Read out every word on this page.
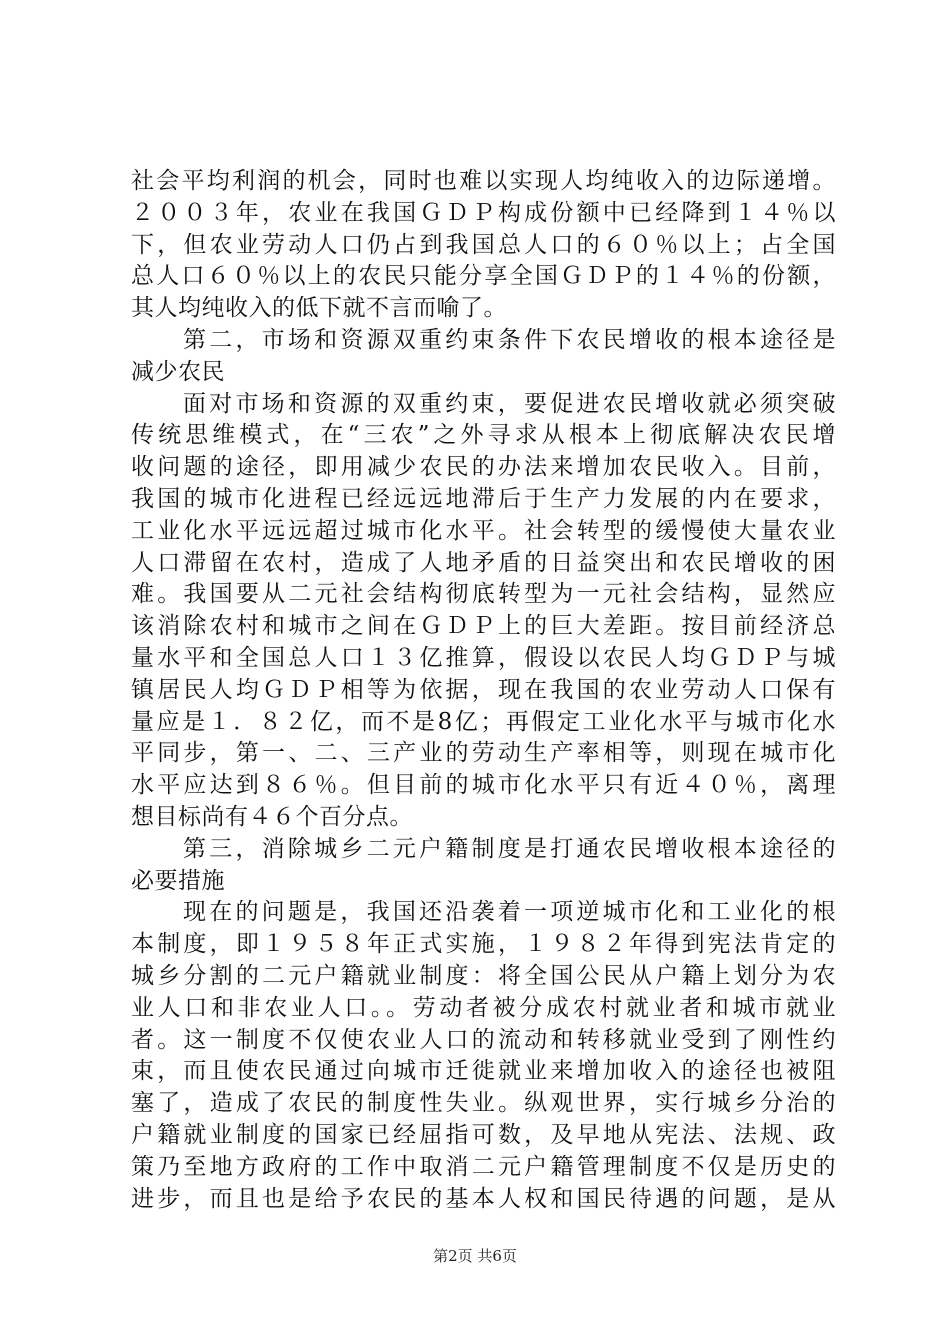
社会平均利润的机会，同时也难以实现人均纯收入的边际递增。
２００３年，农业在我国ＧＤＰ构成份额中已经降到１４％以
下，但农业劳动人口仍占到我国总人口的６０％以上；占全国
总人口６０％以上的农民只能分享全国ＧＤＰ的１４％的份额，
其人均纯收入的低下就不言而喻了。
第二，市场和资源双重约束条件下农民增收的根本途径是
减少农民
面对市场和资源的双重约束，要促进农民增收就必须突破
传统思维模式，在“三农”之外寻求从根本上彻底解决农民增
收问题的途径，即用减少农民的办法来增加农民收入。目前，
我国的城市化进程已经远远地滞后于生产力发展的内在要求，
工业化水平远远超过城市化水平。社会转型的缓慢使大量农业
人口滞留在农村，造成了人地矛盾的日益突出和农民增收的困
难。我国要从二元社会结构彻底转型为一元社会结构，显然应
该消除农村和城市之间在ＧＤＰ上的巨大差距。按目前经济总
量水平和全国总人口１３亿推算，假设以农民人均ＧＤＰ与城
镇居民人均ＧＤＰ相等为依据，现在我国的农业劳动人口保有
量应是１．８２亿，而不是8亿；再假定工业化水平与城市化水
平同步，第一、二、三产业的劳动生产率相等，则现在城市化
水平应达到８６％。但目前的城市化水平只有近４０％，离理
想目标尚有４６个百分点。
第三，消除城乡二元户籍制度是打通农民增收根本途径的
必要措施
现在的问题是，我国还沿袭着一项逆城市化和工业化的根
本制度，即１９５８年正式实施，１９８２年得到宪法肯定的
城乡分割的二元户籍就业制度：将全国公民从户籍上划分为农
业人口和非农业人口。。劳动者被分成农村就业者和城市就业
者。这一制度不仅使农业人口的流动和转移就业受到了刚性约
束，而且使农民通过向城市迁徙就业来增加收入的途径也被阻
塞了，造成了农民的制度性失业。纵观世界，实行城乡分治的
户籍就业制度的国家已经屈指可数，及早地从宪法、法规、政
策乃至地方政府的工作中取消二元户籍管理制度不仅是历史的
进步，而且也是给予农民的基本人权和国民待遇的问题，是从
第2页 共6页
